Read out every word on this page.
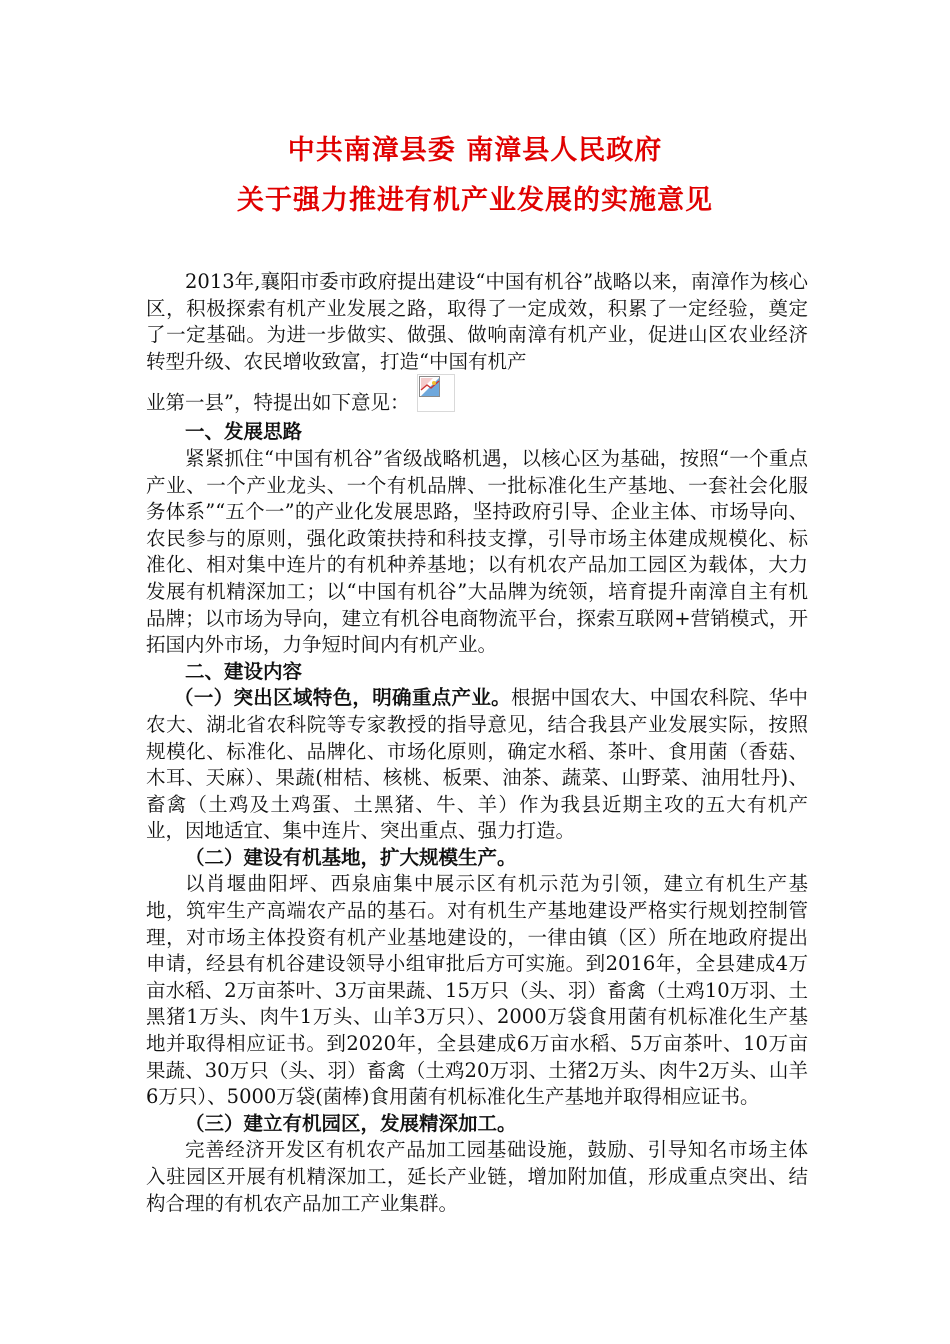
中共南漳县委 南漳县人民政府
关于强力推进有机产业发展的实施意见

2013年,襄阳市委市政府提出建设“中国有机谷”战略以来，南漳作为核心区，积极探索有机产业发展之路，取得了一定成效，积累了一定经验，奠定了一定基础。为进一步做实、做强、做响南漳有机产业，促进山区农业经济转型升级、农民增收致富，打造“中国有机产

业第一县”，特提出如下意见：

一、发展思路

紧紧抓住“中国有机谷”省级战略机遇，以核心区为基础，按照“一个重点产业、一个产业龙头、一个有机品牌、一批标准化生产基地、一套社会化服务体系”“五个一”的产业化发展思路，坚持政府引导、企业主体、市场导向、农民参与的原则，强化政策扶持和科技支撑，引导市场主体建成规模化、标准化、相对集中连片的有机种养基地；以有机农产品加工园区为载体，大力发展有机精深加工；以“中国有机谷”大品牌为统领，培育提升南漳自主有机品牌；以市场为导向，建立有机谷电商物流平台，探索互联网+营销模式，开拓国内外市场，力争短时间内有机产业。

二、建设内容

（一）突出区域特色，明确重点产业。根据中国农大、中国农科院、华中农大、湖北省农科院等专家教授的指导意见，结合我县产业发展实际，按照规模化、标准化、品牌化、市场化原则，确定水稻、茶叶、食用菌（香菇、木耳、天麻）、果蔬(柑桔、核桃、板栗、油茶、蔬菜、山野菜、油用牡丹)、畜禽（土鸡及土鸡蛋、土黑猪、牛、羊）作为我县近期主攻的五大有机产业，因地适宜、集中连片、突出重点、强力打造。

（二）建设有机基地，扩大规模生产。

以肖堰曲阳坪、西泉庙集中展示区有机示范为引领，建立有机生产基地，筑牢生产高端农产品的基石。对有机生产基地建设严格实行规划控制管理，对市场主体投资有机产业基地建设的，一律由镇（区）所在地政府提出申请，经县有机谷建设领导小组审批后方可实施。到2016年，全县建成4万亩水稻、2万亩茶叶、3万亩果蔬、15万只（头、羽）畜禽（土鸡10万羽、土黑猪1万头、肉牛1万头、山羊3万只）、2000万袋食用菌有机标准化生产基地并取得相应证书。到2020年，全县建成6万亩水稻、5万亩茶叶、10万亩果蔬、30万只（头、羽）畜禽（土鸡20万羽、土猪2万头、肉牛2万头、山羊6万只）、5000万袋(菌棒)食用菌有机标准化生产基地并取得相应证书。

（三）建立有机园区，发展精深加工。

完善经济开发区有机农产品加工园基础设施，鼓励、引导知名市场主体入驻园区开展有机精深加工，延长产业链，增加附加值，形成重点突出、结构合理的有机农产品加工产业集群。
